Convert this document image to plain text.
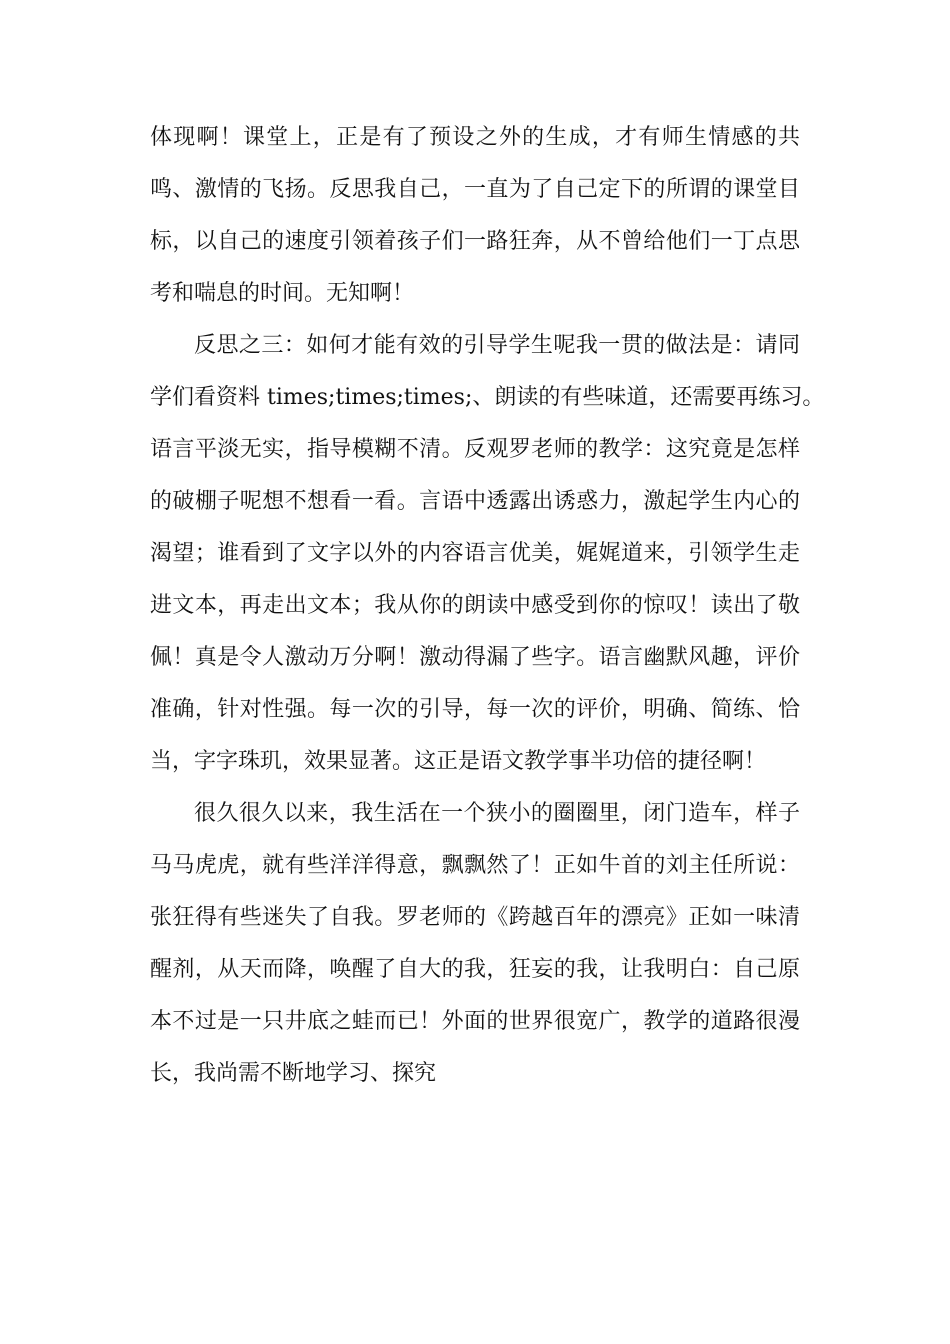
体现啊！课堂上，正是有了预设之外的生成，才有师生情感的共
鸣、激情的飞扬。反思我自己，一直为了自己定下的所谓的课堂目
标，以自己的速度引领着孩子们一路狂奔，从不曾给他们一丁点思
考和喘息的时间。无知啊！
反思之三：如何才能有效的引导学生呢我一贯的做法是：请同
学们看资料 times;times;times;、朗读的有些味道，还需要再练习。
语言平淡无实，指导模糊不清。反观罗老师的教学：这究竟是怎样
的破棚子呢想不想看一看。言语中透露出诱惑力，激起学生内心的
渴望；谁看到了文字以外的内容语言优美，娓娓道来，引领学生走
进文本，再走出文本；我从你的朗读中感受到你的惊叹！读出了敬
佩！真是令人激动万分啊！激动得漏了些字。语言幽默风趣，评价
准确，针对性强。每一次的引导，每一次的评价，明确、简练、恰
当，字字珠玑，效果显著。这正是语文教学事半功倍的捷径啊！
很久很久以来，我生活在一个狭小的圈圈里，闭门造车，样子
马马虎虎，就有些洋洋得意，飘飘然了！正如牛首的刘主任所说：
张狂得有些迷失了自我。罗老师的《跨越百年的漂亮》正如一味清
醒剂，从天而降，唤醒了自大的我，狂妄的我，让我明白：自己原
本不过是一只井底之蛙而已！外面的世界很宽广，教学的道路很漫
长，我尚需不断地学习、探究
